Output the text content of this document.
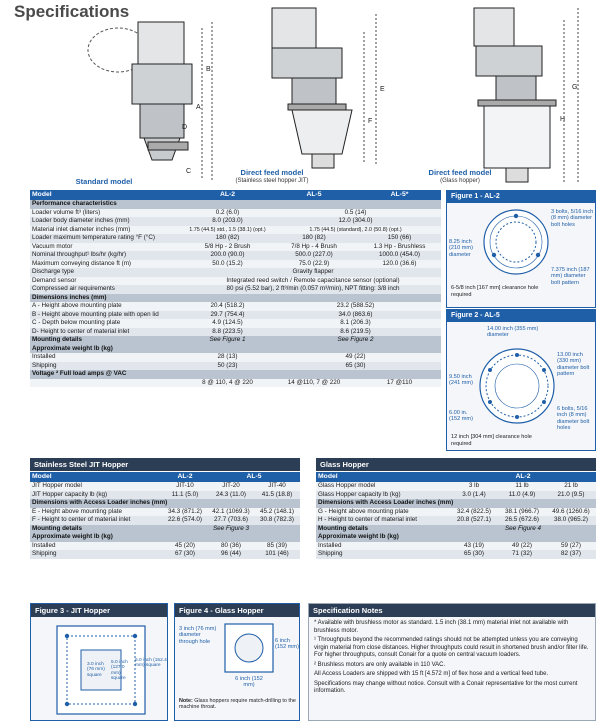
Specifications
B
A
D
C
Standard model
E
F
Direct feed model
(Stainless steel hopper JIT)
G
H
Direct feed model
(Glass hopper)
Model	AL-2	AL-5	AL-5*
Performance characteristics			
Loader volume ft³ (liters)	0.2 (6.0)	0.5 (14)	
Loader body diameter inches (mm)	8.0 (203.0)	12.0 (304.0)	
Material inlet diameter inches (mm)	1.75 (44.5) std., 1.5 (38.1) (opt.)	1.75 (44.5) (standard), 2.0 (50.8) (opt.)	
Loader maximum temperature rating °F (°C)	180 (82)	180 (82)	150 (66)
Vacuum motor	5/8 Hp - 2 Brush	7/8 Hp - 4 Brush	1.3 Hp - Brushless
Nominal throughput¹ lbs/hr (kg/hr)	200.0 (90.0)	500.0 (227.0)	1000.0 (454.0)
Maximum conveying distance ft (m)	50.0 (15.2)	75.0 (22.9)	120.0 (36.6)
Discharge type	Gravity flapper		
Demand sensor	Integrated reed switch / Remote capacitance sensor (optional)		
Compressed air requirements	80 psi (5.52 bar), 2 ft³/min (0.057 m³/min), NPT fitting: 3/8 inch		
Dimensions inches (mm)			
A - Height above mounting plate	20.4 (518.2)	23.2 (588.52)	
B - Height above mounting plate with open lid	29.7 (754.4)	34.0 (863.6)	
C - Depth below mounting plate	4.9 (124.5)	8.1 (206.3)	
D- Height to center of material inlet	8.8 (223.5)	8.6 (219.5)	
Mounting details	See Figure 1	See Figure 2	
Approximate weight lb (kg)			
Installed	28 (13)	49 (22)	
Shipping	50 (23)	65 (30)	
Voltage ² Full load amps @ VAC			
	8 @ 110, 4 @ 220	14 @110, 7 @ 220	17 @110
Figure 1 - AL-2
3 bolts, 5/16 inch (8 mm) diameter bolt holes
8.25 inch (210 mm) diameter
7.375 inch (187 mm) diameter bolt pattern
6-5/8 inch [167 mm] clearance hole required
Figure 2 - AL-5
14.00 inch (355 mm) diameter
13.00 inch (330 mm) diameter bolt pattern
9.50 inch (241 mm)
6.00 in. (152 mm)
6 bolts, 5/16 inch (8 mm) diameter bolt holes
12 inch [304 mm] clearance hole required
Stainless Steel JIT Hopper
Model	AL-2	AL-5	
JIT Hopper model	JIT-10	JIT-20	JIT-40
JIT Hopper capacity lb (kg)	11.1 (5.0)	24.3 (11.0)	41.5 (18.8)
Dimensions with Access Loader inches (mm)			
E - Height above mounting plate	34.3 (871.2)	42.1 (1069.3)	45.2 (148.1)
F - Height to center of material inlet	22.6 (574.0)	27.7 (703.6)	30.8 (782.3)
Mounting details	See Figure 3		
Approximate weight lb (kg)			
Installed	45 (20)	80 (36)	85 (39)
Shipping	67 (30)	96 (44)	101 (46)
Glass Hopper
Model	AL-2		
Glass Hopper model	3 lb	11 lb	21 lb
Glass Hopper capacity lb (kg)	3.0 (1.4)	11.0 (4.9)	21.0 (9.5)
Dimensions with Access Loader inches (mm)			
G - Height above mounting plate	32.4 (822.5)	38.1 (966.7)	49.6 (1260.6)
H - Height to center of material inlet	20.8 (527.1)	26.5 (672.6)	38.0 (965.2)
Mounting details	See Figure 4		
Approximate weight lb (kg)			
Installed	43 (19)	49 (22)	59 (27)
Shipping	65 (30)	71 (32)	82 (37)
Figure 3 - JIT Hopper
3.0 inch (76 mm) square
5.0 inch (127.0 mm) square
6.0 inch (152.4 mm) square
Figure 4 - Glass Hopper
3 inch (76 mm) diameter through hole	6 inch (152 mm)
6 inch (152 mm)
Note: Glass hoppers require match-drilling to the machine throat.
Specification Notes

* Available with brushless motor as standard. 1.5 inch (38.1 mm) material inlet not available with brushless motor.

¹ Throughputs beyond the recommended ratings should not be attempted unless you are conveying virgin material from close distances. Higher throughputs could result in shortened brush and/or filter life. For higher throughputs, consult Conair for a quote on central vacuum loaders.

² Brushless motors are only available in 110 VAC.

All Access Loaders are shipped with 15 ft [4.572 m] of flex hose and a vertical feed tube.

Specifications may change without notice. Consult with a Conair representative for the most current information.
